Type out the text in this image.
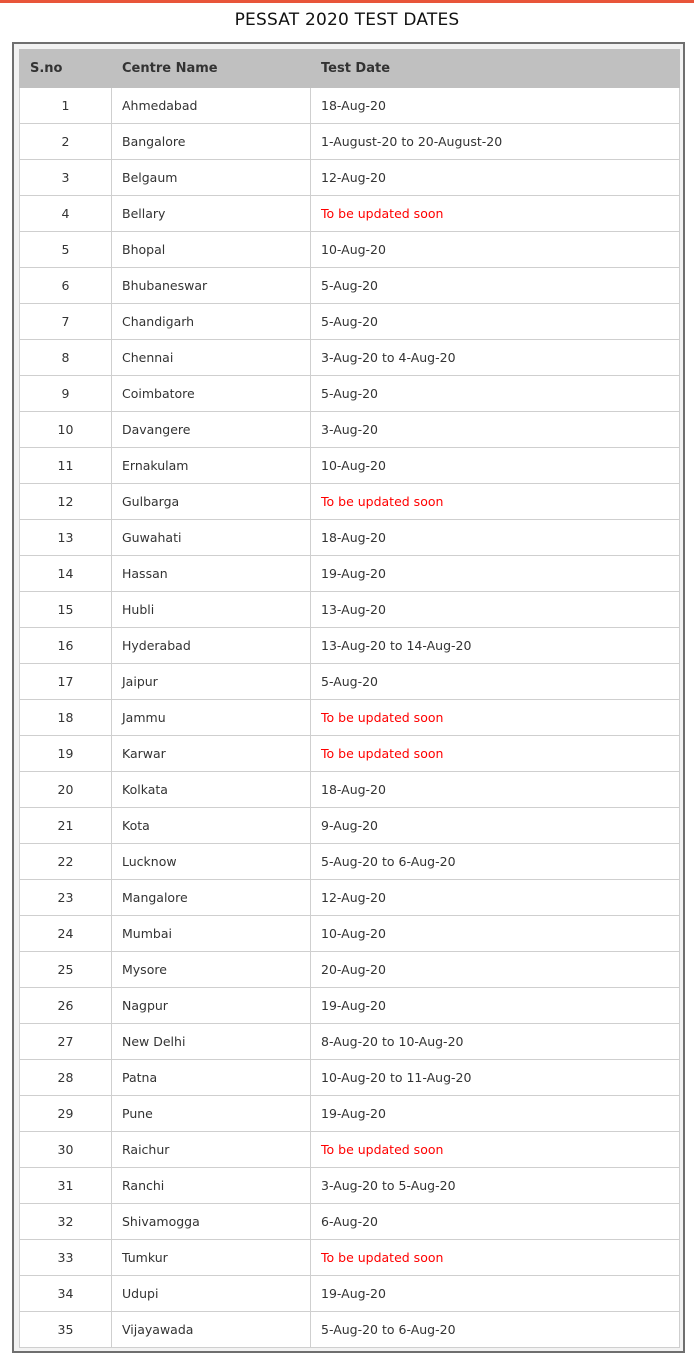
PESSAT 2020 TEST DATES
S.no	Centre Name	Test Date
1	Ahmedabad	18-Aug-20
2	Bangalore	1-August-20 to 20-August-20
3	Belgaum	12-Aug-20
4	Bellary	To be updated soon
5	Bhopal	10-Aug-20
6	Bhubaneswar	5-Aug-20
7	Chandigarh	5-Aug-20
8	Chennai	3-Aug-20 to 4-Aug-20
9	Coimbatore	5-Aug-20
10	Davangere	3-Aug-20
11	Ernakulam	10-Aug-20
12	Gulbarga	To be updated soon
13	Guwahati	18-Aug-20
14	Hassan	19-Aug-20
15	Hubli	13-Aug-20
16	Hyderabad	13-Aug-20 to 14-Aug-20
17	Jaipur	5-Aug-20
18	Jammu	To be updated soon
19	Karwar	To be updated soon
20	Kolkata	18-Aug-20
21	Kota	9-Aug-20
22	Lucknow	5-Aug-20 to 6-Aug-20
23	Mangalore	12-Aug-20
24	Mumbai	10-Aug-20
25	Mysore	20-Aug-20
26	Nagpur	19-Aug-20
27	New Delhi	8-Aug-20 to 10-Aug-20
28	Patna	10-Aug-20 to 11-Aug-20
29	Pune	19-Aug-20
30	Raichur	To be updated soon
31	Ranchi	3-Aug-20 to 5-Aug-20
32	Shivamogga	6-Aug-20
33	Tumkur	To be updated soon
34	Udupi	19-Aug-20
35	Vijayawada	5-Aug-20 to 6-Aug-20
